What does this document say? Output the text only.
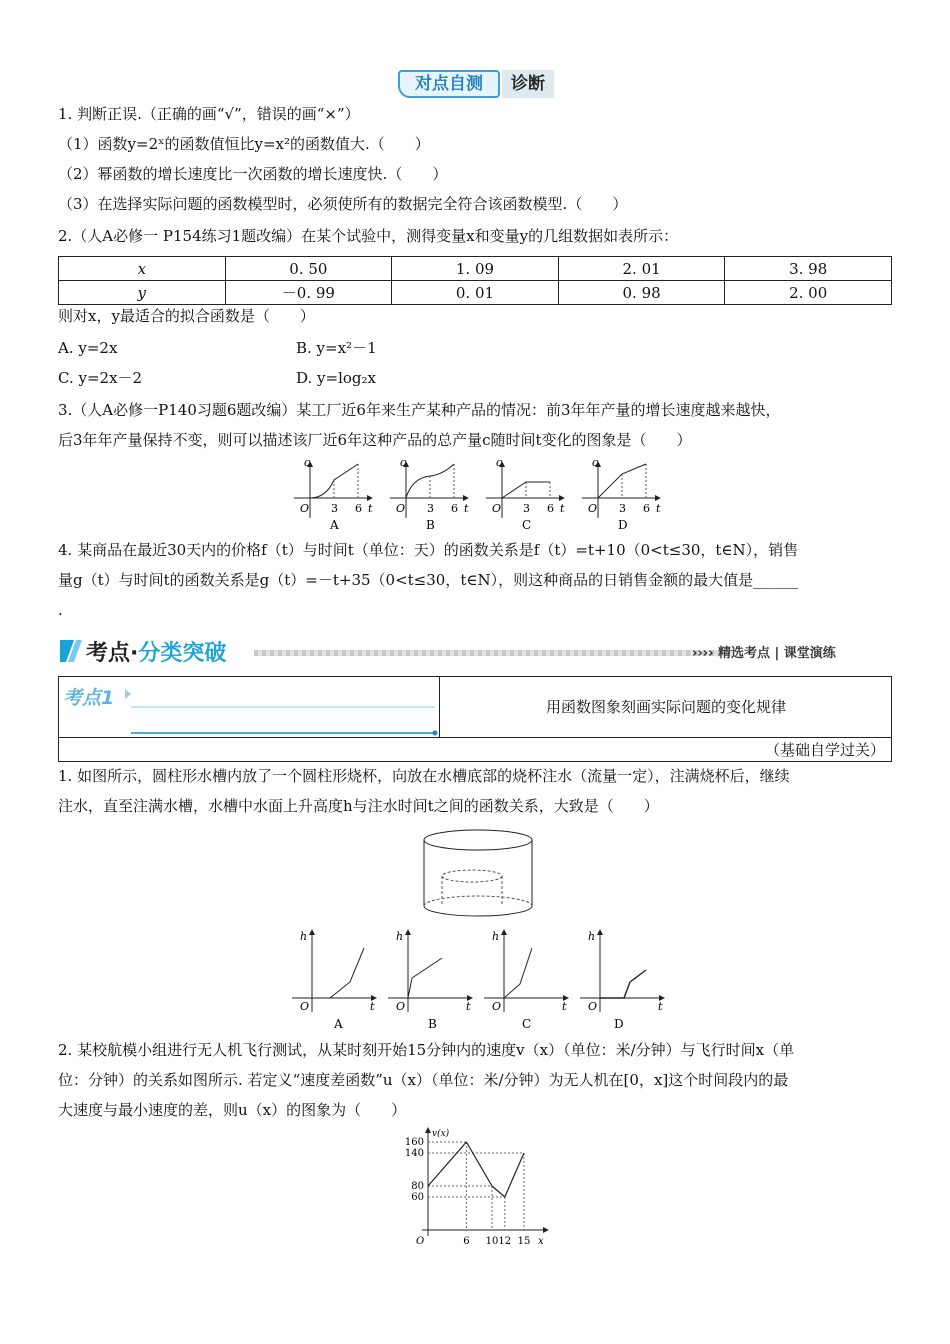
对点自测	诊断
1. 判断正误.（正确的画“√”，错误的画“×”）
（1）函数y=2ˣ的函数值恒比y=x²的函数值大.（　　）
（2）幂函数的增长速度比一次函数的增长速度快.（　　）
（3）在选择实际问题的函数模型时，必须使所有的数据完全符合该函数模型.（　　）
2.（人A必修一 P154练习1题改编）在某个试验中，测得变量x和变量y的几组数据如表所示：
x	0. 50	1. 09	2. 01	3. 98
y	－0. 99	0. 01	0. 98	2. 00
则对x，y最适合的拟合函数是（　　）
A. y=2x	B. y=x²－1
C. y=2x－2	D. y=log₂x
3.（人A必修一P140习题6题改编）某工厂近6年来生产某种产品的情况：前3年年产量的增长速度越来越快，
后3年年产量保持不变，则可以描述该厂近6年这种产品的总产量c随时间t变化的图象是（　　）
c
t
O 3 6
A
c
t
O 3 6
B
c
t
O 3 6
C
c
t
O 3 6
D
4. 某商品在最近30天内的价格f（t）与时间t（单位：天）的函数关系是f（t）=t+10（0<t≤30，t∈N），销售
量g（t）与时间t的函数关系是g（t）=－t+35（0<t≤30，t∈N），则这种商品的日销售金额的最大值是______
.
考点·分类突破	›››› 精选考点 | 课堂演练
考点1	用函数图象刻画实际问题的变化规律
（基础自学过关）
1. 如图所示，圆柱形水槽内放了一个圆柱形烧杯，向放在水槽底部的烧杯注水（流量一定），注满烧杯后，继续
注水，直至注满水槽，水槽中水面上升高度h与注水时间t之间的函数关系，大致是（　　）
h
t
O
A
h
t
O
B
h
t
O
C
h
t
O
D
2. 某校航模小组进行无人机飞行测试，从某时刻开始15分钟内的速度v（x）（单位：米/分钟）与飞行时间x（单
位：分钟）的关系如图所示. 若定义“速度差函数”u（x）（单位：米/分钟）为无人机在[0，x]这个时间段内的最
大速度与最小速度的差，则u（x）的图象为（　　）
v(x)
x
O
160
140
80
60
6 10 12 15
